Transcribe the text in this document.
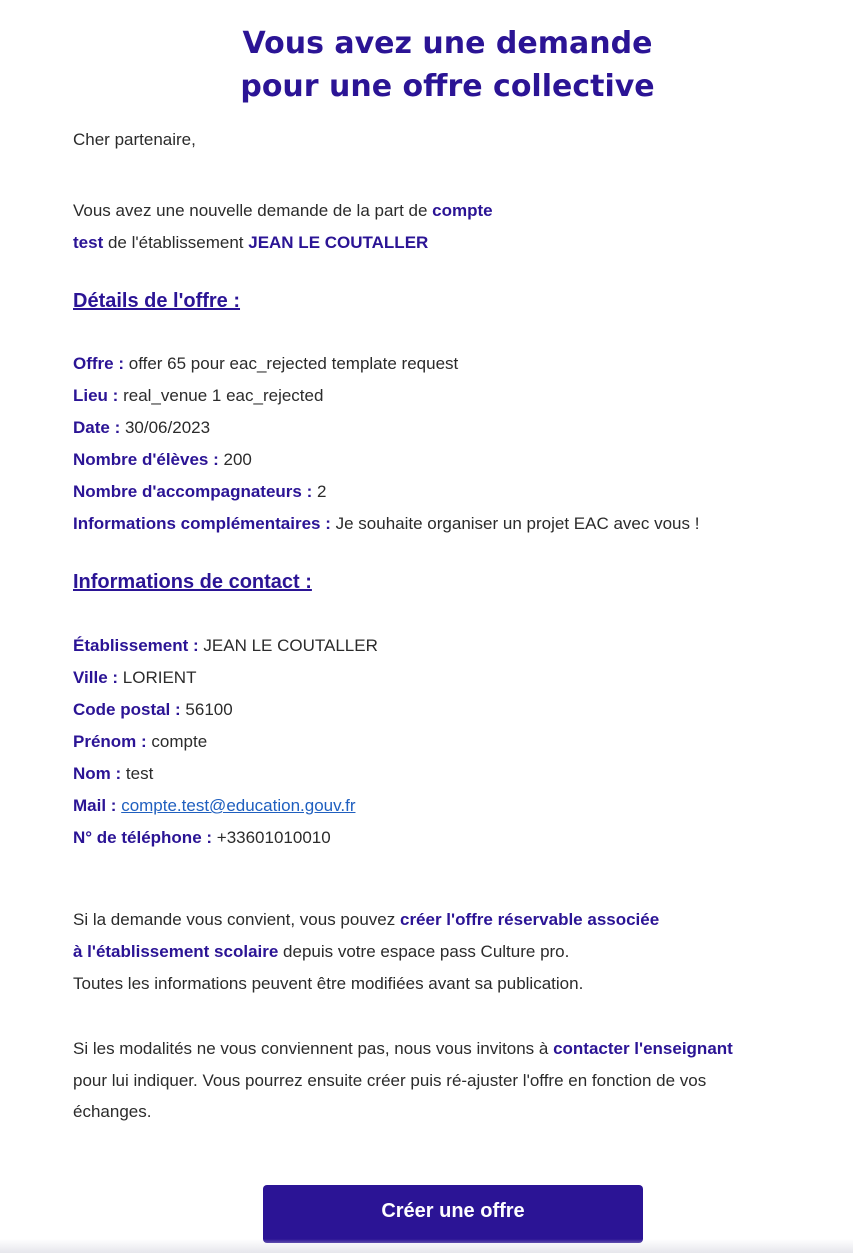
Vous avez une demande
pour une offre collective
Cher partenaire,
Vous avez une nouvelle demande de la part de compte
test de l'établissement JEAN LE COUTALLER
Détails de l'offre :
Offre : offer 65 pour eac_rejected template request
Lieu : real_venue 1 eac_rejected
Date : 30/06/2023
Nombre d'élèves : 200
Nombre d'accompagnateurs : 2
Informations complémentaires : Je souhaite organiser un projet EAC avec vous !
Informations de contact :
Établissement : JEAN LE COUTALLER
Ville : LORIENT
Code postal : 56100
Prénom : compte
Nom : test
Mail : compte.test@education.gouv.fr
N° de téléphone : +33601010010
Si la demande vous convient, vous pouvez créer l'offre réservable associée
à l'établissement scolaire depuis votre espace pass Culture pro.
Toutes les informations peuvent être modifiées avant sa publication.
Si les modalités ne vous conviennent pas, nous vous invitons à contacter l'enseignant
pour lui indiquer. Vous pourrez ensuite créer puis ré-ajuster l'offre en fonction de vos
échanges.
Créer une offre
